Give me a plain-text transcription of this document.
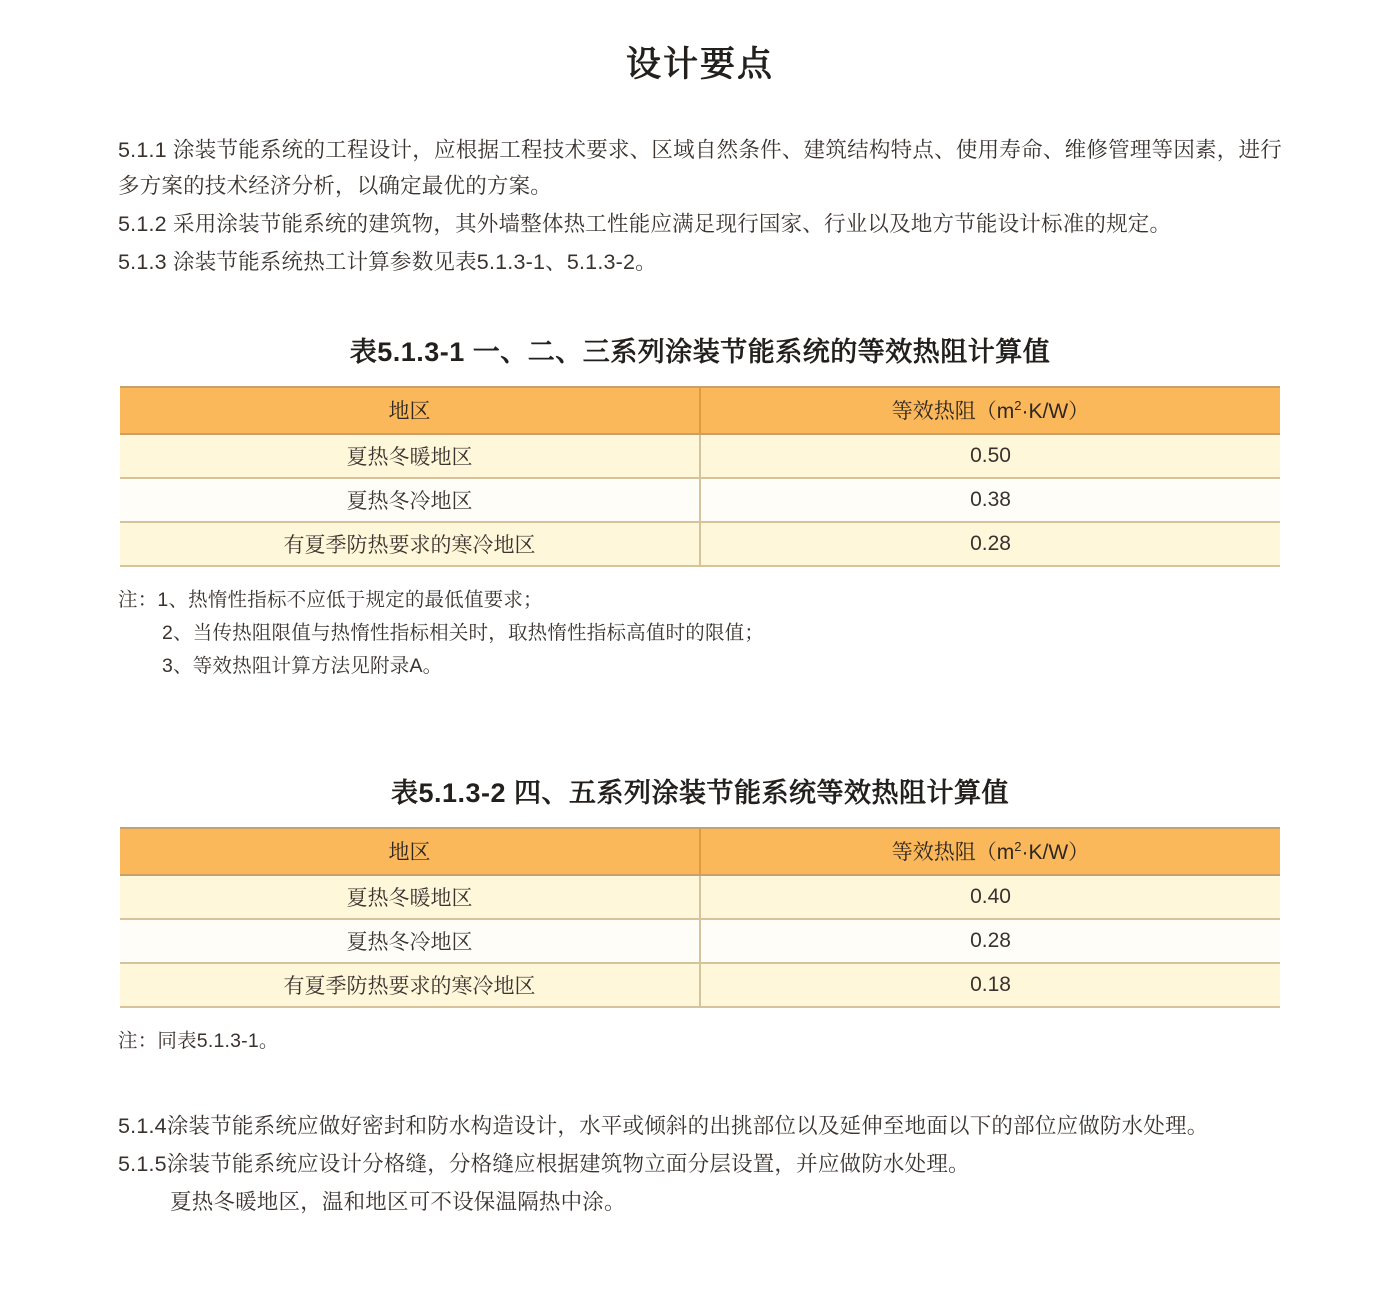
设计要点

5.1.1 涂装节能系统的工程设计，应根据工程技术要求、区域自然条件、建筑结构特点、使用寿命、维修管理等因素，进行多方案的技术经济分析，以确定最优的方案。

5.1.2 采用涂装节能系统的建筑物，其外墙整体热工性能应满足现行国家、行业以及地方节能设计标准的规定。

5.1.3 涂装节能系统热工计算参数见表5.1.3-1、5.1.3-2。

表5.1.3-1 一、二、三系列涂装节能系统的等效热阻计算值
地区	等效热阻$(m^2\cdot K/W)$
夏热冬暖地区	0.50
夏热冬冷地区	0.38
有夏季防热要求的寒冷地区	0.28
注：1、热惰性指标不应低于规定的最低值要求；
2、当传热阻限值与热惰性指标相关时，取热惰性指标高值时的限值；
3、等效热阻计算方法见附录A。
表5.1.3-2 四、五系列涂装节能系统等效热阻计算值
地区	等效热阻$(m^2\cdot K/W)$
夏热冬暖地区	0.40
夏热冬冷地区	0.28
有夏季防热要求的寒冷地区	0.18
注：同表5.1.3-1。

5.1.4涂装节能系统应做好密封和防水构造设计，水平或倾斜的出挑部位以及延伸至地面以下的部位应做防水处理。

5.1.5涂装节能系统应设计分格缝，分格缝应根据建筑物立面分层设置，并应做防水处理。

夏热冬暖地区，温和地区可不设保温隔热中涂。
